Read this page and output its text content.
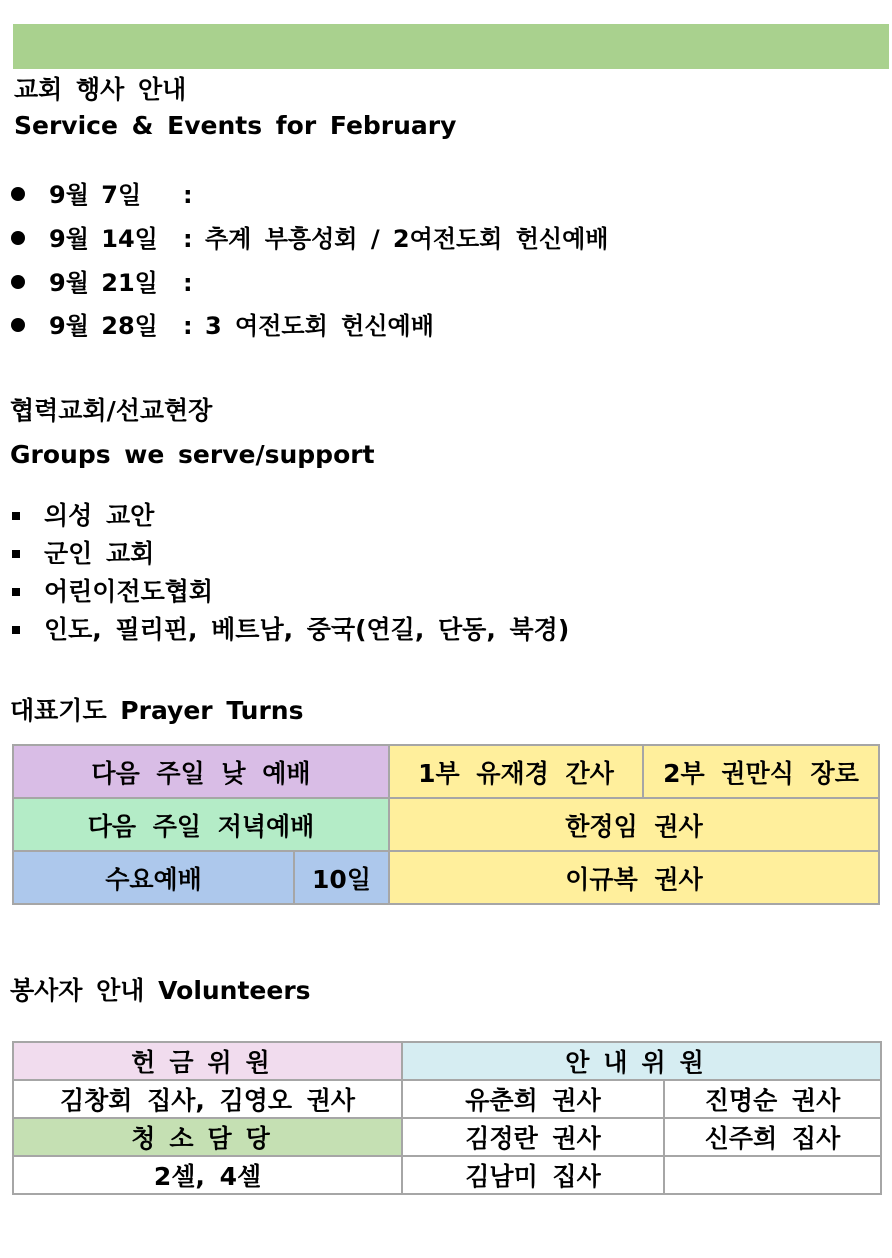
교회 행사 안내
Service & Events for February
9월 7일 :
9월 14일 : 추계 부흥성회 / 2여전도회 헌신예배
9월 21일 :
9월 28일 : 3 여전도회 헌신예배
협력교회/선교현장
Groups we serve/support
의성 교안
군인 교회
어린이전도협회
인도, 필리핀, 베트남, 중국(연길, 단동, 북경)
대표기도 Prayer Turns
다음 주일 낮 예배		1부 유재경 간사	2부 권만식 장로
다음 주일 저녁예배		한정임 권사	
수요예배	10일	이규복 권사	
봉사자 안내 Volunteers
헌금위원	안내위원	
김창회 집사, 김영오 권사	유춘희 권사	진명순 권사
청소담당	김정란 권사	신주희 집사
2셀, 4셀	김남미 집사	
